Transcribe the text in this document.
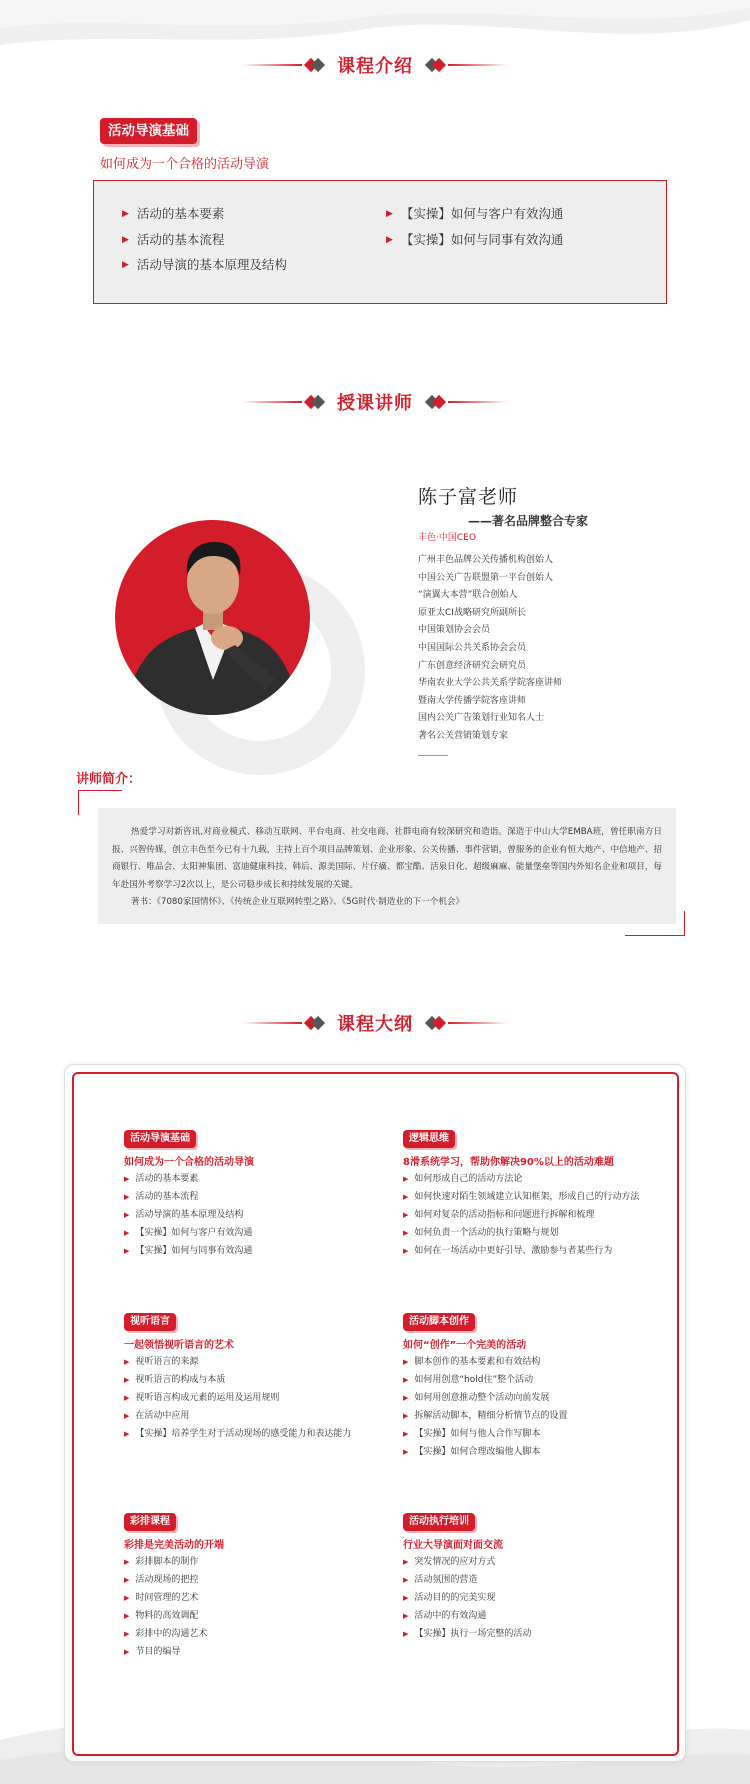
课程介绍
活动导演基础
如何成为一个合格的活动导演
▶ 活动的基本要素
▶ 活动的基本流程
▶ 活动导演的基本原理及结构
▶ 【实操】如何与客户有效沟通
▶ 【实操】如何与同事有效沟通
授课讲师
陈子富老师
——著名品牌整合专家
丰色·中国CEO
广州丰色品牌公关传播机构创始人
中国公关广告联盟第一平台创始人
“演翼大本营”联合创始人
原亚太CI战略研究所副所长
中国策划协会会员
中国国际公共关系协会会员
广东创意经济研究会研究员
华南农业大学公共关系学院客座讲师
暨南大学传播学院客座讲师
国内公关广告策划行业知名人士
著名公关营销策划专家
讲师简介：

热爱学习对新咨讯,对商业模式、移动互联网、平台电商、社交电商、社群电商有较深研究和造诣。深造于中山大学EMBA班，曾任职南方日报、兴智传媒，创立丰色至今已有十九载，主持上百个项目品牌策划、企业形象、公关传播、事件营销，曾服务的企业有恒大地产、中信地产、招商银行、唯品会、太阳神集团、富迪健康科技、韩后、源美国际、片仔癀、都宝酷、活泉日化、超级麻麻、能量堡垒等国内外知名企业和项目，每年赴国外考察学习2次以上，是公司稳步成长和持续发展的关键。

著书：《7080家国情怀》、《传统企业互联网转型之路》、《5G时代·制造业的下一个机会》

课程大纲
活动导演基础
如何成为一个合格的活动导演
▶ 活动的基本要素
▶ 活动的基本流程
▶ 活动导演的基本原理及结构
▶ 【实操】如何与客户有效沟通
▶ 【实操】如何与同事有效沟通
逻辑思维
8滑系统学习，帮助你解决90%以上的活动难题
▶ 如何形成自己的活动方法论
▶ 如何快速对陌生领域建立认知框架，形成自己的行动方法
▶ 如何对复杂的活动指标和问题进行拆解和梳理
▶ 如何负责一个活动的执行策略与规划
▶ 如何在一场活动中更好引导、激励参与者某些行为
视听语言
一起领悟视听语言的艺术
▶ 视听语言的来源
▶ 视听语言的构成与本质
▶ 视听语言构成元素的运用及运用规则
▶ 在活动中应用
▶ 【实操】培养学生对于活动现场的感受能力和表达能力
活动脚本创作
如何“创作”一个完美的活动
▶ 脚本创作的基本要素和有效结构
▶ 如何用创意“hold住”整个活动
▶ 如何用创意推动整个活动向前发展
▶ 拆解活动脚本，精细分析情节点的设置
▶ 【实操】如何与他人合作写脚本
▶ 【实操】如何合理改编他人脚本
彩排课程
彩排是完美活动的开端
▶ 彩排脚本的制作
▶ 活动现场的把控
▶ 时间管理的艺术
▶ 物料的高效调配
▶ 彩排中的沟通艺术
▶ 节目的编导
活动执行培训
行业大导演面对面交流
▶ 突发情况的应对方式
▶ 活动氛围的营造
▶ 活动目的的完美实现
▶ 活动中的有效沟通
▶ 【实操】执行一场完整的活动
